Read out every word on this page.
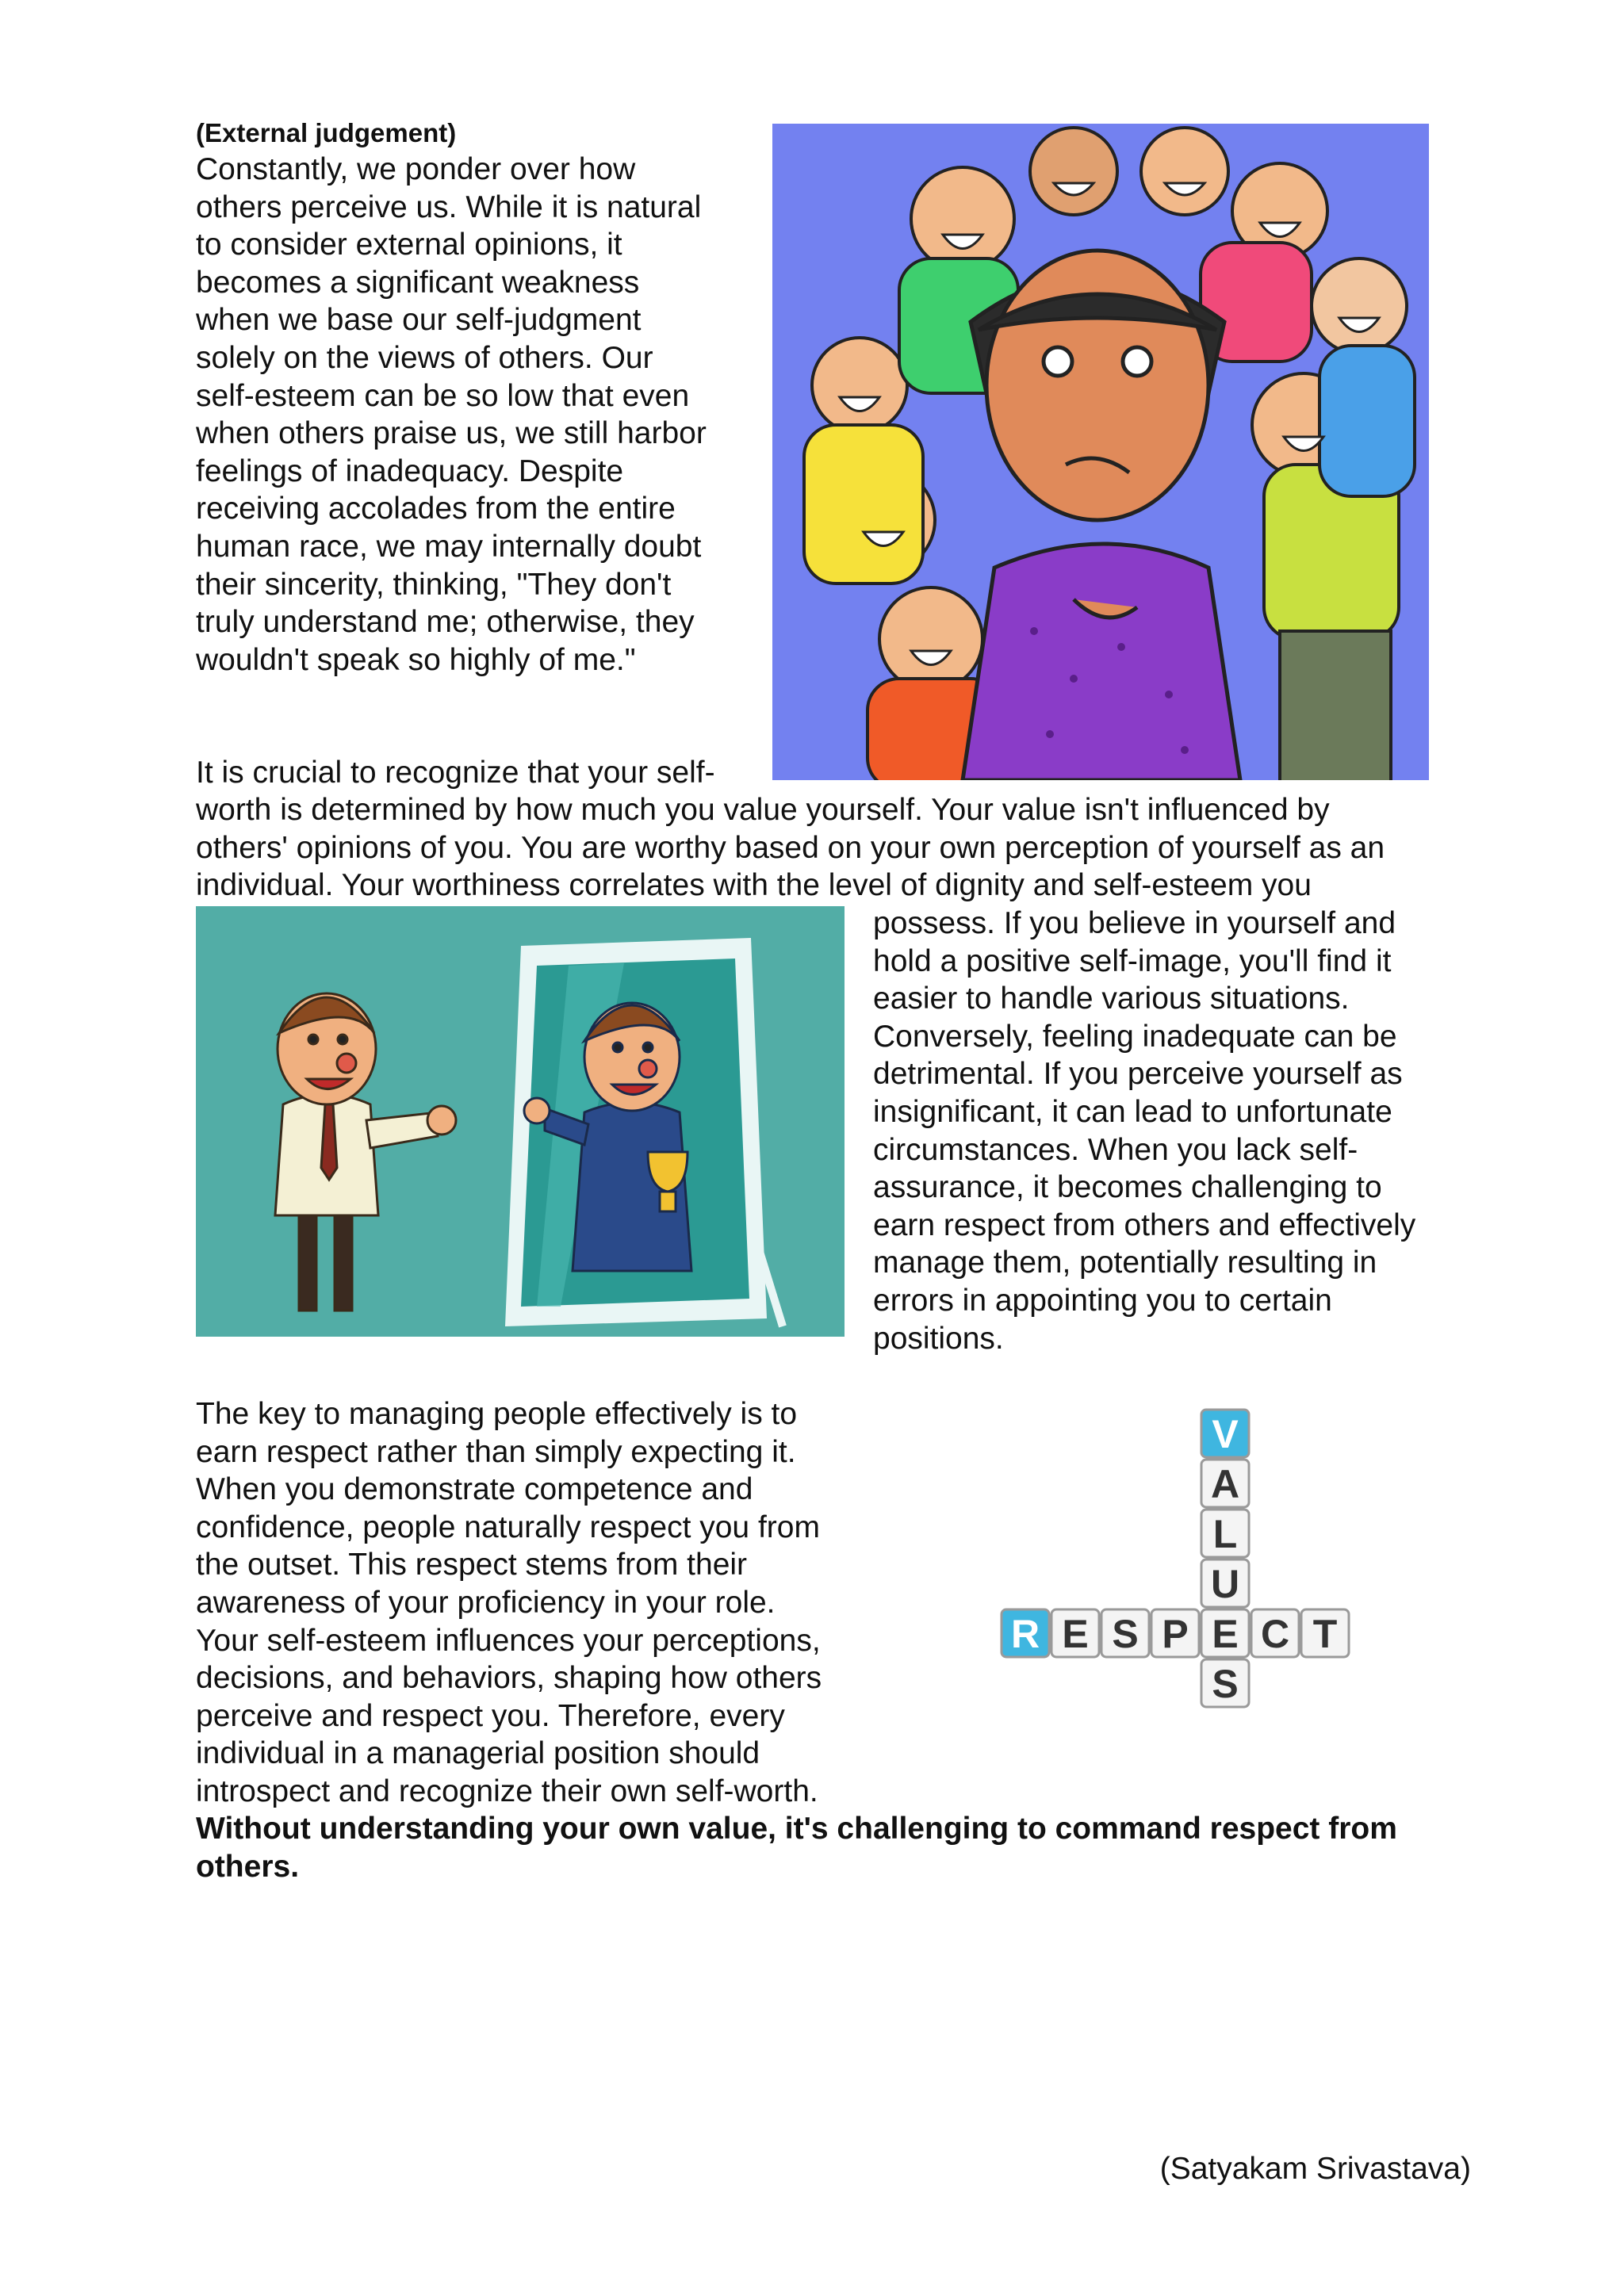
(External judgement)
Constantly, we ponder over how
others perceive us. While it is natural
to consider external opinions, it
becomes a significant weakness
when we base our self-judgment
solely on the views of others. Our
self-esteem can be so low that even
when others praise us, we still harbor
feelings of inadequacy. Despite
receiving accolades from the entire
human race, we may internally doubt
their sincerity, thinking, "They don't
truly understand me; otherwise, they
wouldn't speak so highly of me."
It is crucial to recognize that your self-
worth is determined by how much you value yourself. Your value isn't influenced by
others' opinions of you. You are worthy based on your own perception of yourself as an
individual. Your worthiness correlates with the level of dignity and self-esteem you
possess. If you believe in yourself and
hold a positive self-image, you'll find it
easier to handle various situations.
Conversely, feeling inadequate can be
detrimental. If you perceive yourself as
insignificant, it can lead to unfortunate
circumstances. When you lack self-
assurance, it becomes challenging to
earn respect from others and effectively
manage them, potentially resulting in
errors in appointing you to certain
positions.
The key to managing people effectively is to
earn respect rather than simply expecting it.
When you demonstrate competence and
confidence, people naturally respect you from
the outset. This respect stems from their
awareness of your proficiency in your role.
Your self-esteem influences your perceptions,
decisions, and behaviors, shaping how others
perceive and respect you. Therefore, every
individual in a managerial position should
introspect and recognize their own self-worth.
V
A
L
U
S
R E S P E C T
Without understanding your own value, it's challenging to command respect from
others.
(Satyakam Srivastava)
